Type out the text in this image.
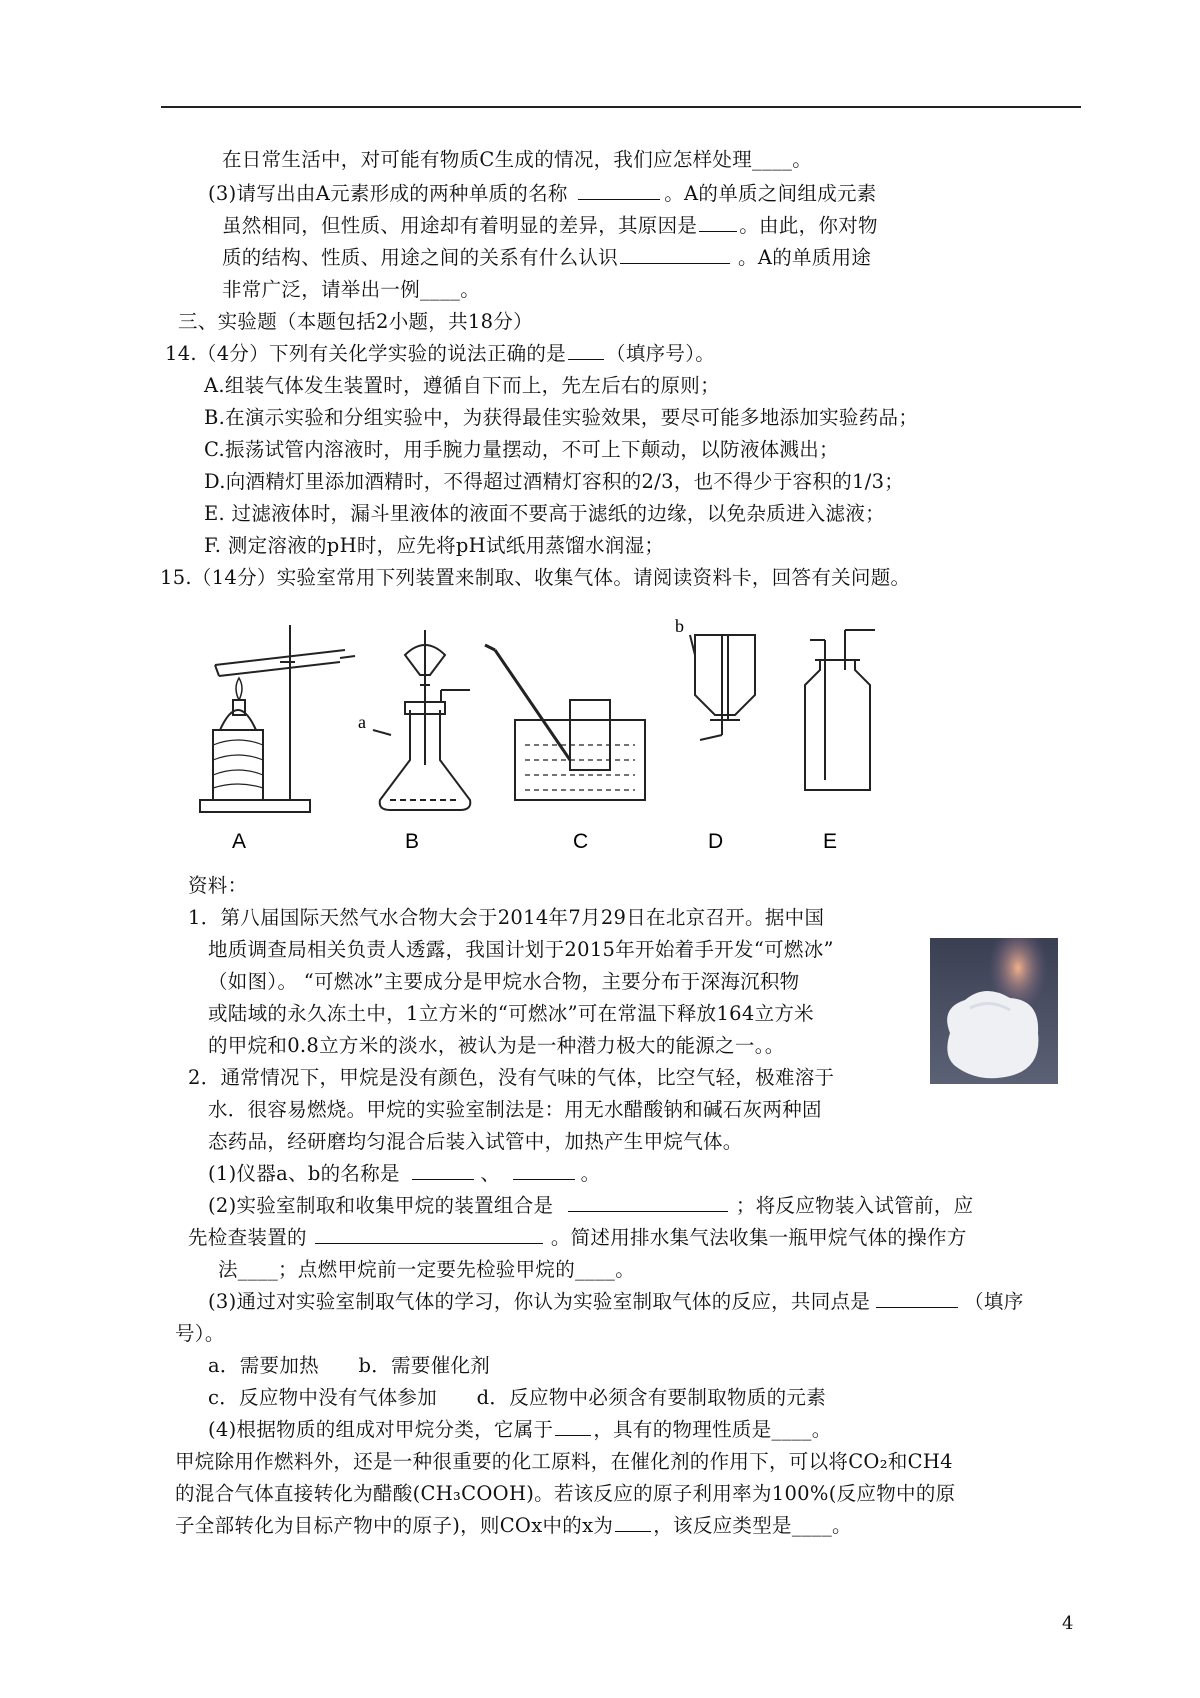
在日常生活中，对可能有物质C生成的情况，我们应怎样处理____。
(3)请写出由A元素形成的两种单质的名称	。A的单质之间组成元素
虽然相同，但性质、用途却有着明显的差异，其原因是 。由此，你对物
质的结构、性质、用途之间的关系有什么认识	。A的单质用途
非常广泛，请举出一例____。
三、实验题（本题包括2小题，共18分）
14.（4分）下列有关化学实验的说法正确的是 （填序号）。
A.组装气体发生装置时，遵循自下而上，先左后右的原则；
B.在演示实验和分组实验中，为获得最佳实验效果，要尽可能多地添加实验药品；
C.振荡试管内溶液时，用手腕力量摆动，不可上下颠动，以防液体溅出；
D.向酒精灯里添加酒精时，不得超过酒精灯容积的2/3，也不得少于容积的1/3；
E. 过滤液体时，漏斗里液体的液面不要高于滤纸的边缘，以免杂质进入滤液；
F. 测定溶液的pH时，应先将pH试纸用蒸馏水润湿；
15.（14分）实验室常用下列装置来制取、收集气体。请阅读资料卡，回答有关问题。
A	B	C	D	E
a
b
资料：
1．第八届国际天然气水合物大会于2014年7月29日在北京召开。据中国
地质调查局相关负责人透露，我国计划于2015年开始着手开发“可燃冰”
（如图）。 “可燃冰”主要成分是甲烷水合物，主要分布于深海沉积物
或陆域的永久冻土中，1立方米的“可燃冰”可在常温下释放164立方米
的甲烷和0.8立方米的淡水，被认为是一种潜力极大的能源之一。。
2．通常情况下，甲烷是没有颜色，没有气味的气体，比空气轻，极难溶于
水．很容易燃烧。甲烷的实验室制法是：用无水醋酸钠和碱石灰两种固
态药品，经研磨均匀混合后装入试管中，加热产生甲烷气体。
(1)仪器a、b的名称是	、	。
(2)实验室制取和收集甲烷的装置组合是	；将反应物装入试管前，应
先检查装置的	。简述用排水集气法收集一瓶甲烷气体的操作方
法____；点燃甲烷前一定要先检验甲烷的____。
(3)通过对实验室制取气体的学习，你认为实验室制取气体的反应，共同点是	（填序
号）。
a．需要加热　　b．需要催化剂
c．反应物中没有气体参加　　d．反应物中必须含有要制取物质的元素
(4)根据物质的组成对甲烷分类，它属于 ，具有的物理性质是____。
甲烷除用作燃料外，还是一种很重要的化工原料，在催化剂的作用下，可以将CO₂和CH4
的混合气体直接转化为醋酸(CH₃COOH)。若该反应的原子利用率为100%(反应物中的原
子全部转化为目标产物中的原子)，则COx中的x为 ，该反应类型是____。
4
